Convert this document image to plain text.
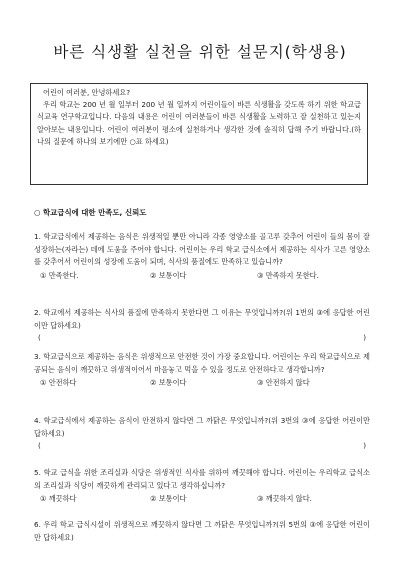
바른 식생활 실천을 위한 설문지(학생용)

어린이 여러분, 안녕하세요?

우리 학교는 200 년 월 일부터 200 년 월 일까지 어린이들이 바른 식생활을 갖도록 하기 위한 학교급식교육 연구학교입니다. 다음의 내용은 어린이 여러분들이 바른 식생활을 노력하고 잘 실천하고 있는지 알아보는 내용입니다. 어린이 여러분이 평소에 실천하거나 생각한 것에 솔직히 답해 주기 바랍니다.(하나의 질문에 하나의 보기에만 ○표 하세요)

○ 학교급식에 대한 만족도, 신뢰도

1. 학교급식에서 제공하는 음식은 위생적일 뿐만 아니라 각종 영양소를 골고루 갖추어 어린이 들의 몸이 잘 성장하는(자라는) 데에 도움을 주어야 합니다. 어린이는 우리 학교 급식소에서 제공하는 식사가 고른 영양소를 갖추어서 어린이의 성장에 도움이 되며, 식사의 품질에도 만족하고 있습니까?

① 만족한다.	② 보통이다	③ 만족하지 못한다.

2. 학교에서 제공하는 식사의 품질에 만족하지 못한다면 그 이유는 무엇입니까?(위 1번의 ③에 응답한 어린이만 답하세요)

(	)

3. 학교급식으로 제공하는 음식은 위생적으로 안전한 것이 가장 중요합니다. 어린이는 우리 학교급식으로 제공되는 음식이 깨끗하고 위생적이어서 마음놓고 먹을 수 있을 정도로 안전하다고 생각합니까?

① 안전하다	② 보통이다	③ 안전하지 않다

4. 학교급식에서 제공하는 음식이 안전하지 않다면 그 까닭은 무엇입니까?(위 3번의 ③에 응답한 어린이만 답하세요)

(	)

5. 학교 급식을 위한 조리실과 식당은 위생적인 식사를 위하여 깨끗해야 합니다. 어린이는 우리학교 급식소의 조리실과 식당이 깨끗하게 관리되고 있다고 생각하십니까?

① 깨끗하다	② 보통이다	③ 깨끗하지 않다.

6. 우리 학교 급식시설이 위생적으로 깨끗하지 않다면 그 까닭은 무엇입니까?(위 5번의 ③에 응답한 어린이만 답하세요)
